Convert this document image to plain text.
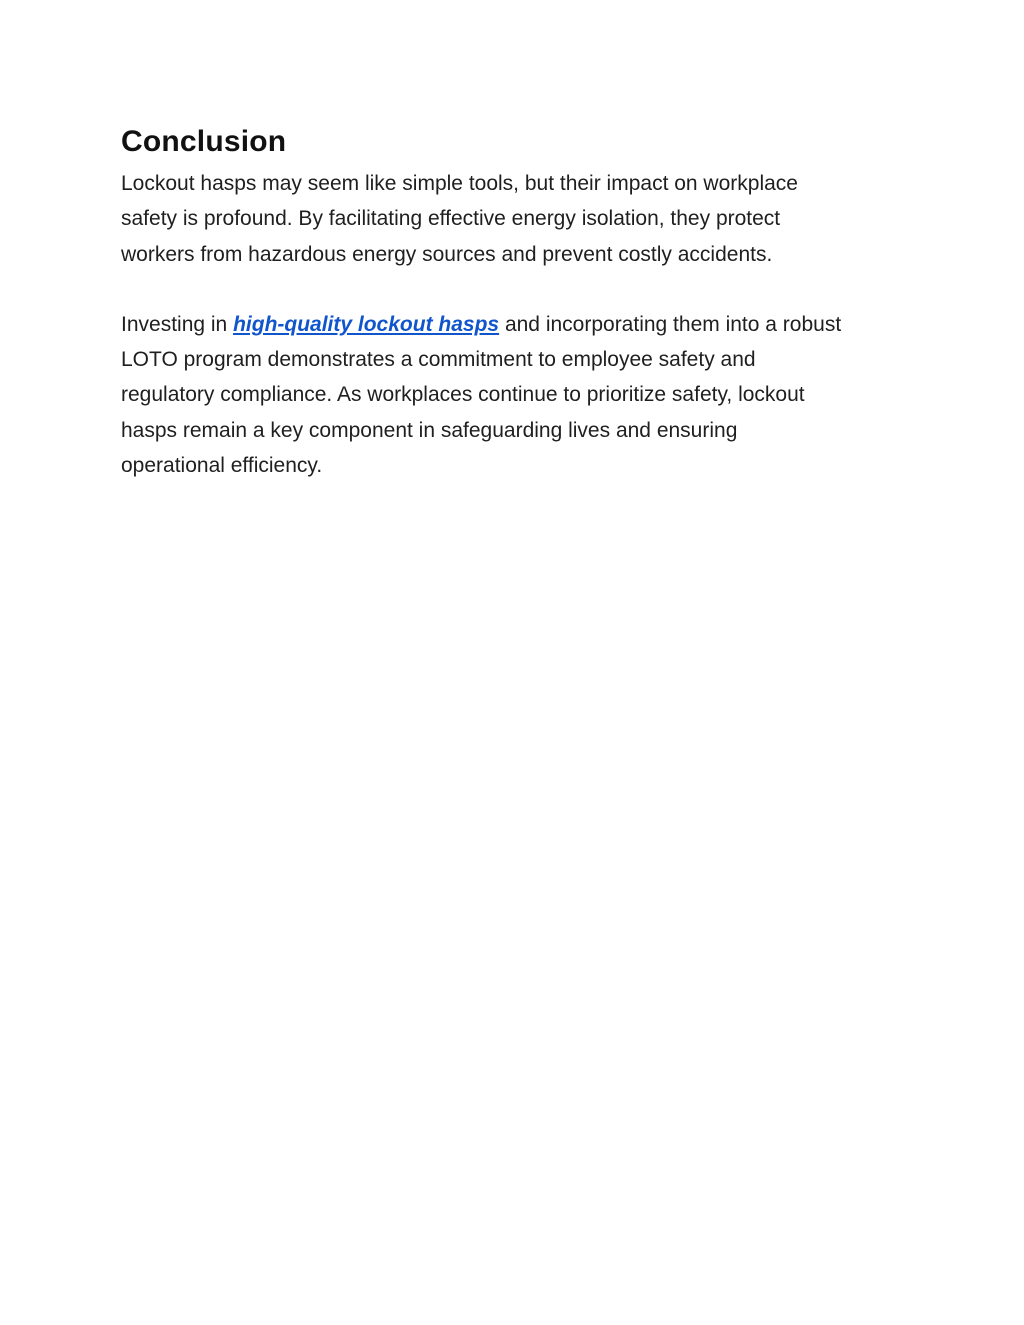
Conclusion

Lockout hasps may seem like simple tools, but their impact on workplace
safety is profound. By facilitating effective energy isolation, they protect
workers from hazardous energy sources and prevent costly accidents.

Investing in high-quality lockout hasps and incorporating them into a robust
LOTO program demonstrates a commitment to employee safety and
regulatory compliance. As workplaces continue to prioritize safety, lockout
hasps remain a key component in safeguarding lives and ensuring
operational efficiency.
